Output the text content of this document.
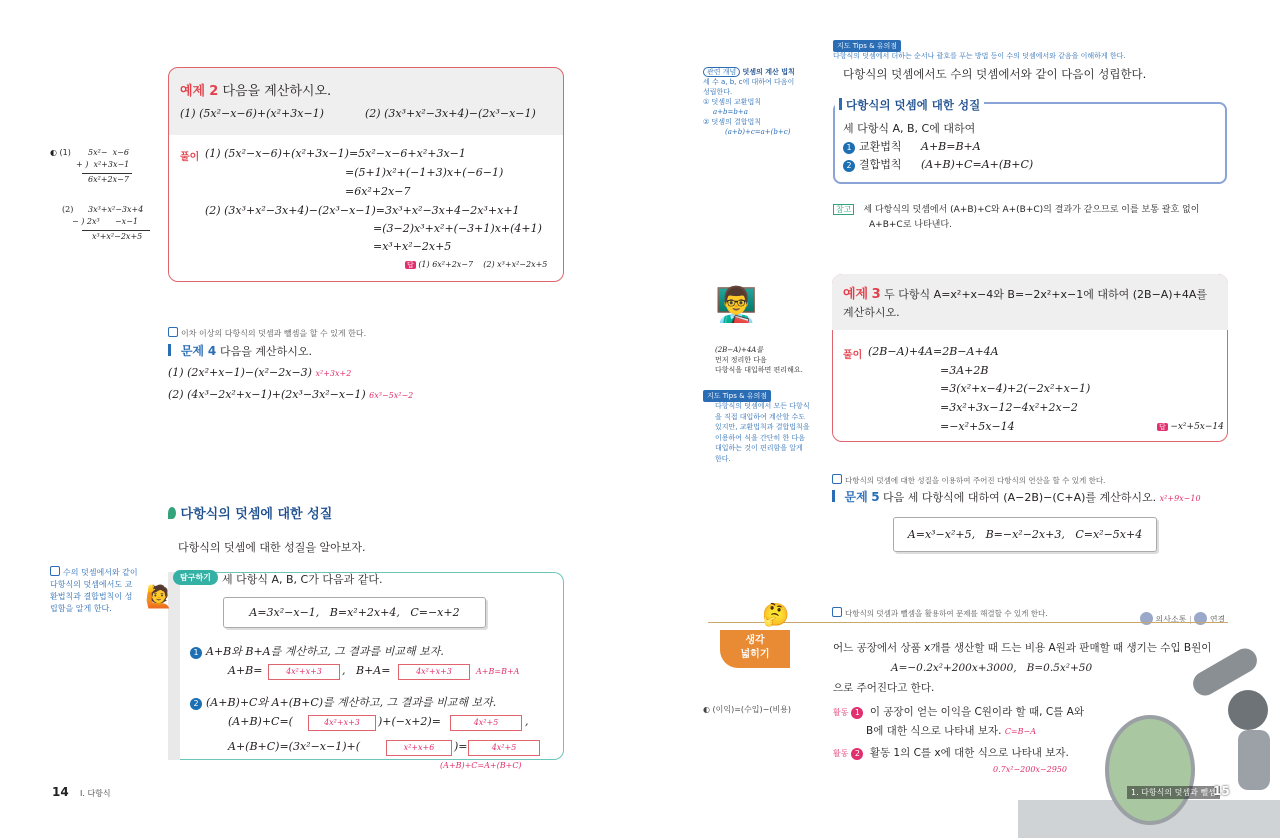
예제 2 다음을 계산하시오.
(1) (5x²−x−6)+(x²+3x−1)	(2) (3x³+x²−3x+4)−(2x³−x−1)
풀이 (1) (5x²−x−6)+(x²+3x−1)=5x²−x−6+x²+3x−1
=(5+1)x²+(−1+3)x+(−6−1)
=6x²+2x−7
(2) (3x³+x²−3x+4)−(2x³−x−1)=3x³+x²−3x+4−2x³+x+1
=(3−2)x³+x²+(−3+1)x+(4+1)
=x³+x²−2x+5
답 (1) 6x²+2x−7    (2) x³+x²−2x+5
◐ (1) 5x²−  x−6
+ )  x²+3x−1
6x²+2x−7
(2) 3x³+x²−3x+4
− ) 2x³      −x−1
x³+x²−2x+5
이차 이상의 다항식의 덧셈과 뺄셈을 할 수 있게 한다.
문제 4 다음을 계산하시오.
(1) (2x²+x−1)−(x²−2x−3) x²+3x+2
(2) (4x³−2x²+x−1)+(2x³−3x²−x−1) 6x³−5x²−2
다항식의 덧셈에 대한 성질
다항식의 덧셈에 대한 성질을 알아보자.
수의 덧셈에서와 같이 다항식의 덧셈에서도 교환법칙과 결합법칙이 성립함을 알게 한다.
탐구하기
🙋
세 다항식 A, B, C가 다음과 같다.
A=3x²−x−1,   B=x²+2x+4,   C=−x+2
1 A+B와 B+A를 계산하고, 그 결과를 비교해 보자.
A+B=	4x²+x+3	,   B+A=	4x²+x+3	A+B=B+A
2 (A+B)+C와 A+(B+C)를 계산하고, 그 결과를 비교해 보자.
(A+B)+C=(	4x²+x+3	)+(−x+2)=	4x²+5	,
A+(B+C)=(3x²−x−1)+(	x²+x+6	)=	4x²+5
(A+B)+C=A+(B+C)
14 Ⅰ. 다항식
지도 Tips & 유의점
다항식의 덧셈에서 더하는 순서나 괄호를 푸는 방법 등이 수의 덧셈에서와 같음을 이해하게 한다.
다항식의 덧셈에서도 수의 덧셈에서와 같이 다음이 성립한다.
관련 개념 덧셈의 계산 법칙
세 수 a, b, c에 대하여 다음이
성립한다.
① 덧셈의 교환법칙
a+b=b+a
② 덧셈의 결합법칙
(a+b)+c=a+(b+c)
다항식의 덧셈에 대한 성질
세 다항식 A, B, C에 대하여
1 교환법칙 A+B=B+A
2 결합법칙 (A+B)+C=A+(B+C)
참고 세 다항식의 덧셈에서 (A+B)+C와 A+(B+C)의 결과가 같으므로 이를 보통 괄호 없이
A+B+C로 나타낸다.
예제 3 두 다항식 A=x²+x−4와 B=−2x²+x−1에 대하여 (2B−A)+4A를
계산하시오.
풀이 (2B−A)+4A=2B−A+4A
=3A+2B
=3(x²+x−4)+2(−2x²+x−1)
=3x²+3x−12−4x²+2x−2
=−x²+5x−14	답 −x²+5x−14
👨‍🏫
(2B−A)+4A를
먼저 정리한 다음
다항식을 대입하면 편리해요.
지도 Tips & 유의점
다항식의 덧셈에서 모든 다항식을 직접 대입하여 계산할 수도 있지만, 교환법칙과 결합법칙을 이용하여 식을 간단히 한 다음 대입하는 것이 편리함을 알게 한다.
다항식의 덧셈에 대한 성질을 이용하여 주어진 다항식의 연산을 할 수 있게 한다.
문제 5 다음 세 다항식에 대하여 (A−2B)−(C+A)를 계산하시오. x²+9x−10
A=x³−x²+5,   B=−x²−2x+3,   C=x²−5x+4
다항식의 덧셈과 뺄셈을 활용하여 문제를 해결할 수 있게 한다.
의사소통 | 연결
생각
넓히기
🤔
어느 공장에서 상품 x개를 생산할 때 드는 비용 A원과 판매할 때 생기는 수입 B원이
A=−0.2x²+200x+3000,   B=0.5x²+50
으로 주어진다고 한다.
◐ (이익)=(수입)−(비용)	활동 1 이 공장이 얻는 이익을 C원이라 할 때, C를 A와
B에 대한 식으로 나타내 보자. C=B−A
활동 2 활동 1의 C를 x에 대한 식으로 나타내 보자.
0.7x²−200x−2950
1. 다항식의 덧셈과 뺄셈
15
